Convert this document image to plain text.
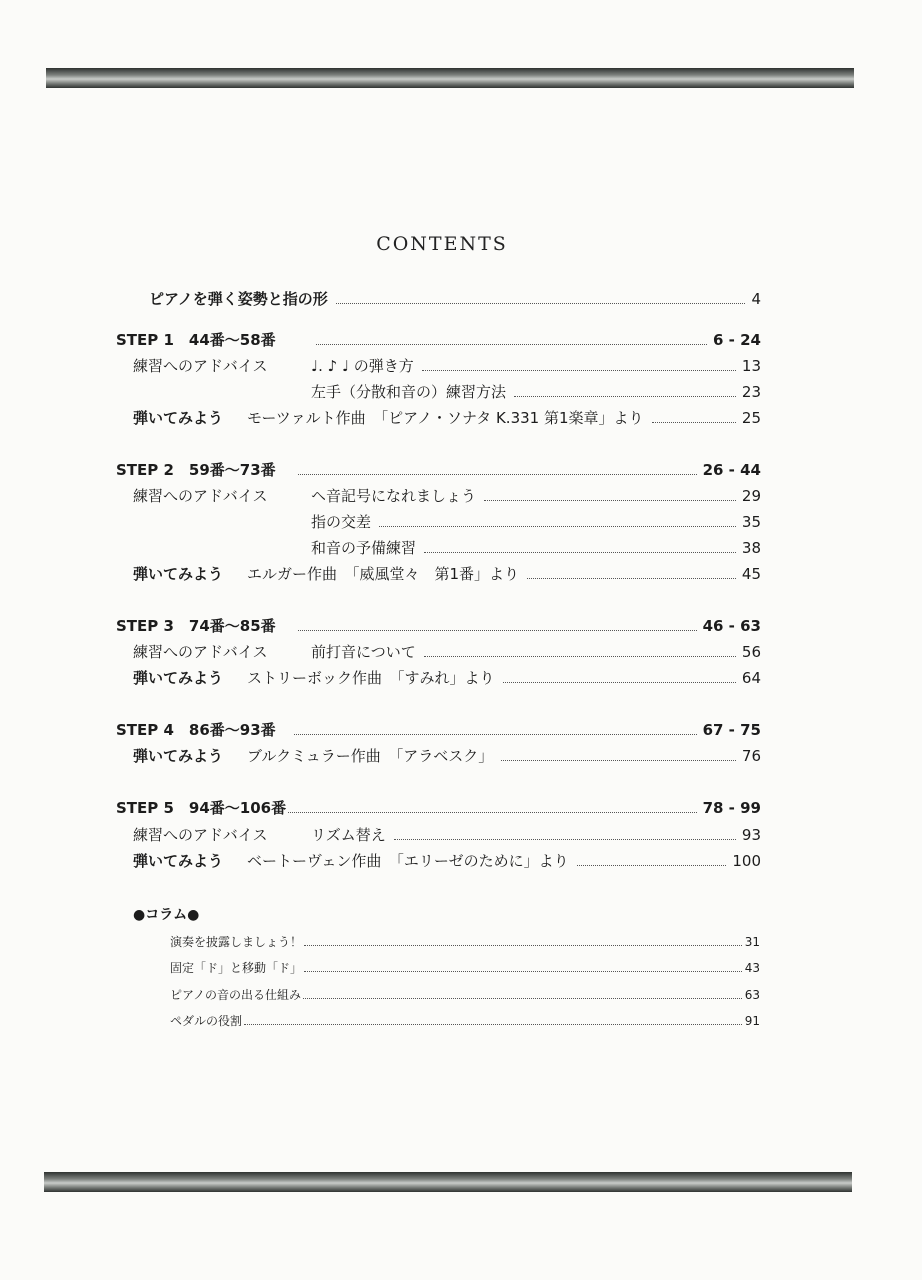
CONTENTS
ピアノを弾く姿勢と指の形	4
STEP 1　44番〜58番	6 - 24
練習へのアドバイス	♩. ♪ ♩ の弾き方	13
左手（分散和音の）練習方法	23
弾いてみよう	モーツァルト作曲　「ピアノ・ソナタ K.331 第1楽章」より	25
STEP 2　59番〜73番	26 - 44
練習へのアドバイス	ヘ音記号になれましょう	29
指の交差	35
和音の予備練習	38
弾いてみよう	エルガー作曲　「威風堂々　第1番」より	45
STEP 3　74番〜85番	46 - 63
練習へのアドバイス	前打音について	56
弾いてみよう	ストリーボック作曲　「すみれ」より	64
STEP 4　86番〜93番	67 - 75
弾いてみよう	ブルクミュラー作曲　「アラベスク」	76
STEP 5　94番〜106番	78 - 99
練習へのアドバイス	リズム替え	93
弾いてみよう	ベートーヴェン作曲　「エリーゼのために」より	100
●コラム●
演奏を披露しましょう！	31
固定「ド」と移動「ド」	43
ピアノの音の出る仕組み	63
ペダルの役割	91
